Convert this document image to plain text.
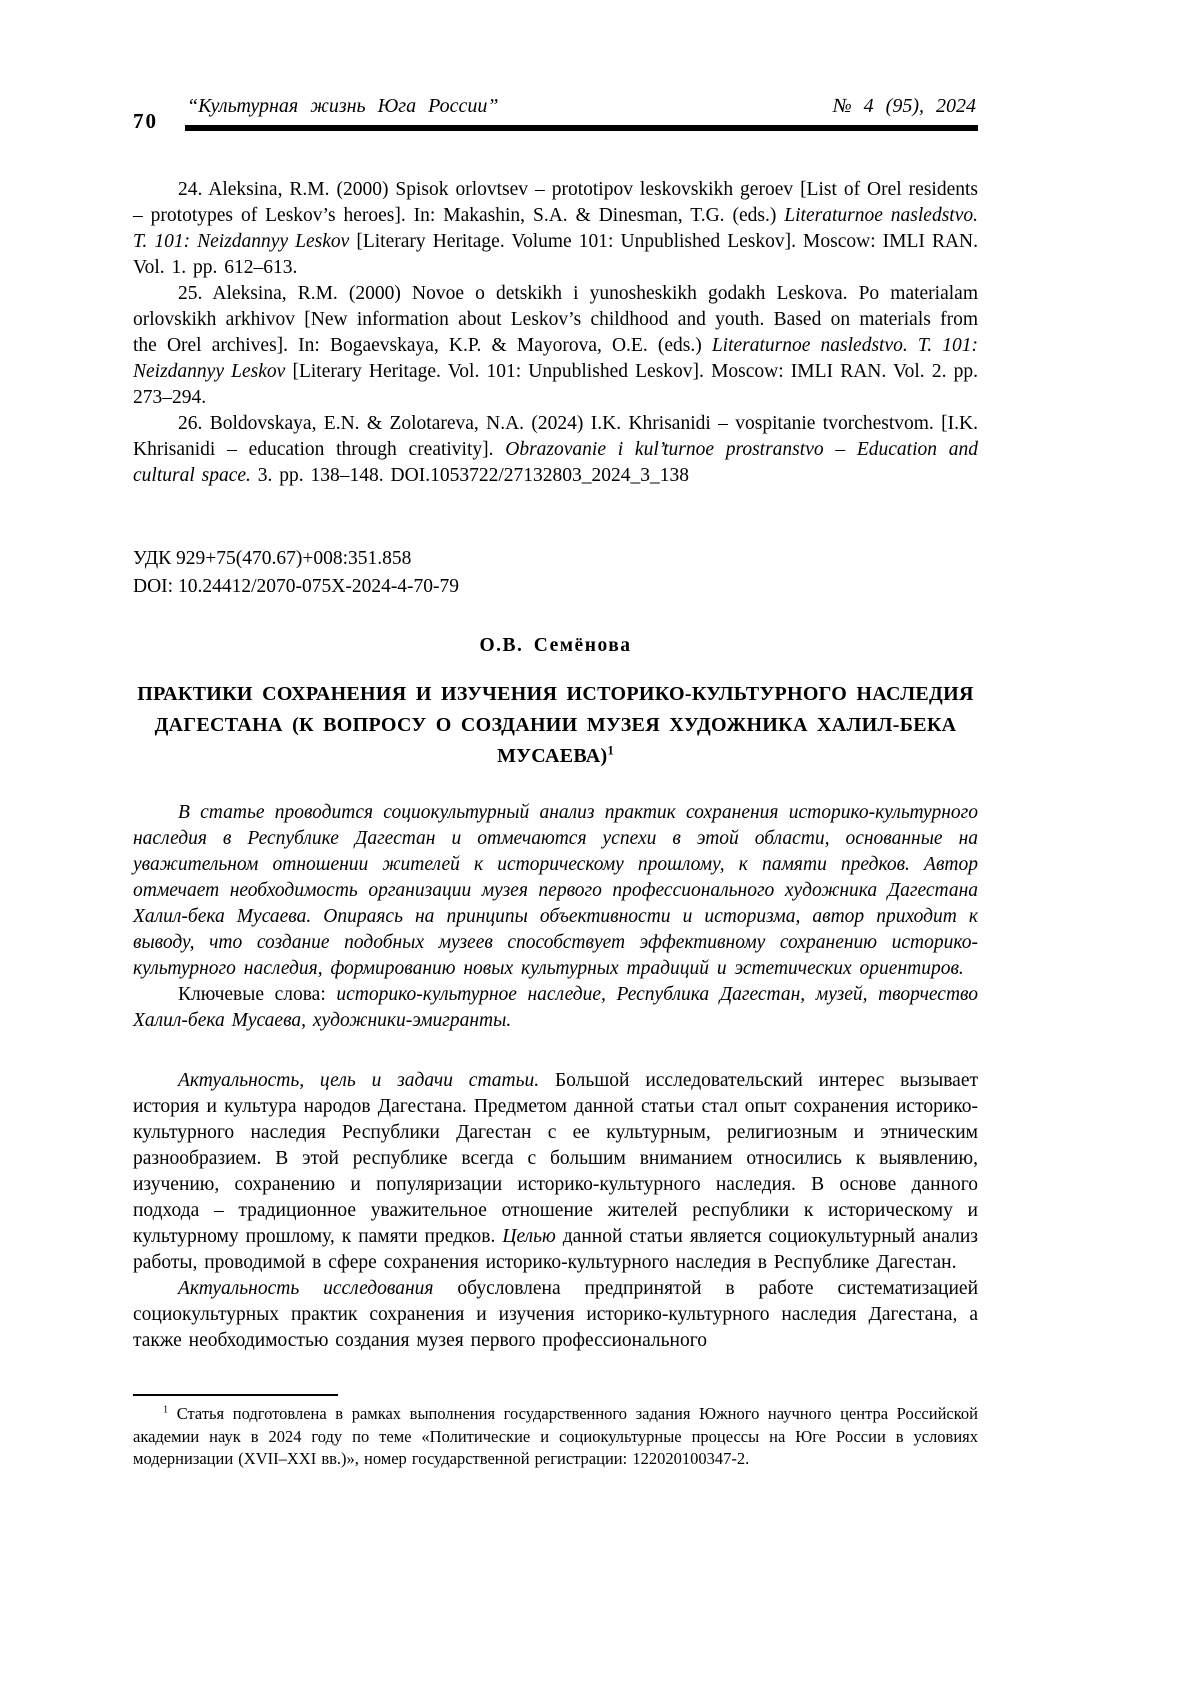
70
“Культурная жизнь Юга России”	№ 4 (95), 2024

24. Aleksina, R.M. (2000) Spisok orlovtsev – prototipov leskovskikh geroev [List of Orel residents – prototypes of Leskov’s heroes]. In: Makashin, S.A. & Dinesman, T.G. (eds.) Literaturnoe nasledstvo. T. 101: Neizdannyy Leskov [Literary Heritage. Volume 101: Unpublished Leskov]. Moscow: IMLI RAN. Vol. 1. pp. 612–613.

25. Aleksina, R.M. (2000) Novoe o detskikh i yunosheskikh godakh Leskova. Po materialam orlovskikh arkhivov [New information about Leskov’s childhood and youth. Based on materials from the Orel archives]. In: Bogaevskaya, K.P. & Mayorova, O.E. (eds.) Literaturnoe nasledstvo. T. 101: Neizdannyy Leskov [Literary Heritage. Vol. 101: Unpublished Leskov]. Moscow: IMLI RAN. Vol. 2. pp. 273–294.

26. Boldovskaya, E.N. & Zolotareva, N.A. (2024) I.K. Khrisanidi – vospitanie tvorchestvom. [I.K. Khrisanidi – education through creativity]. Obrazovanie i kul’turnoe prostranstvo – Education and cultural space. 3. pp. 138–148. DOI.1053722/27132803_2024_3_138

УДК 929+75(470.67)+008:351.858

DOI: 10.24412/2070-075X-2024-4-70-79

О.В. Семёнова

ПРАКТИКИ СОХРАНЕНИЯ И ИЗУЧЕНИЯ ИСТОРИКО-КУЛЬТУРНОГО НАСЛЕДИЯ ДАГЕСТАНА (К ВОПРОСУ О СОЗДАНИИ МУЗЕЯ ХУДОЖНИКА ХАЛИЛ-БЕКА МУСАЕВА)$^1$

В статье проводится социокультурный анализ практик сохранения историко-культурного наследия в Республике Дагестан и отмечаются успехи в этой области, основанные на уважительном отношении жителей к историческому прошлому, к памяти предков. Автор отмечает необходимость организации музея первого профессионального художника Дагестана Халил-бека Мусаева. Опираясь на принципы объективности и историзма, автор приходит к выводу, что создание подобных музеев способствует эффективному сохранению историко-культурного наследия, формированию новых культурных традиций и эстетических ориентиров.

Ключевые слова: историко-культурное наследие, Республика Дагестан, музей, творчество Халил-бека Мусаева, художники-эмигранты.

Актуальность, цель и задачи статьи. Большой исследовательский интерес вызывает история и культура народов Дагестана. Предметом данной статьи стал опыт сохранения историко-культурного наследия Республики Дагестан с ее культурным, религиозным и этническим разнообразием. В этой республике всегда с большим вниманием относились к выявлению, изучению, сохранению и популяризации историко-культурного наследия. В основе данного подхода – традиционное уважительное отношение жителей республики к историческому и культурному прошлому, к памяти предков. Целью данной статьи является социокультурный анализ работы, проводимой в сфере сохранения историко-культурного наследия в Республике Дагестан.

Актуальность исследования обусловлена предпринятой в работе систематизацией социокультурных практик сохранения и изучения историко-культурного наследия Дагестана, а также необходимостью создания музея первого профессионального

$^1$ Статья подготовлена в рамках выполнения государственного задания Южного научного центра Российской академии наук в 2024 году по теме «Политические и социокультурные процессы на Юге России в условиях модернизации (XVII–XXI вв.)», номер государственной регистрации: 122020100347-2.
